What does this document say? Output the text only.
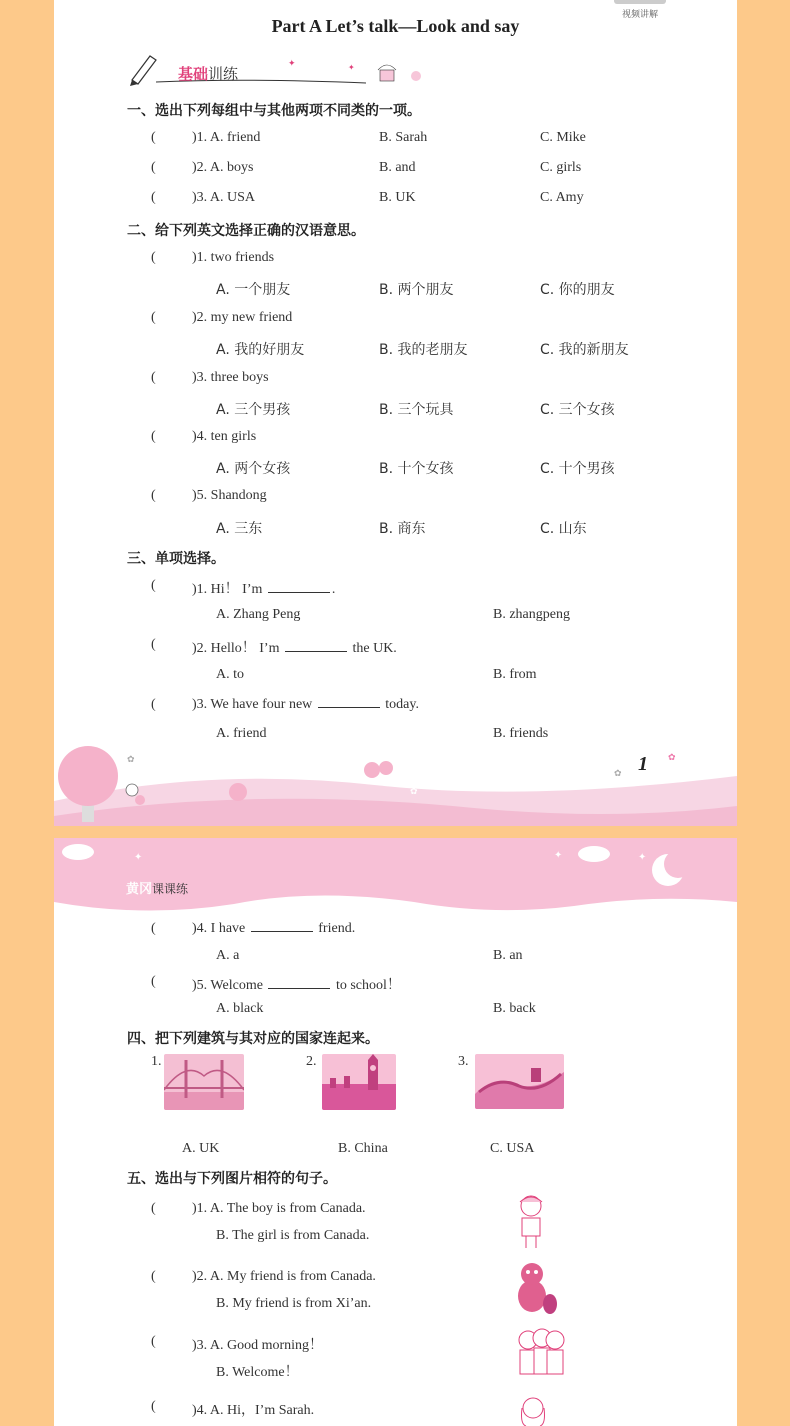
视频讲解
Part A Let’s talk—Look and say
✦	✦
基础训练
一、选出下列每组中与其他两项不同类的一项。
(	)1. A. friend	B. Sarah	C. Mike
(	)2. A. boys	B. and	C. girls
(	)3. A. USA	B. UK	C. Amy
二、给下列英文选择正确的汉语意思。
(	)1. two friends
A. 一个朋友	B. 两个朋友	C. 你的朋友
(	)2. my new friend
A. 我的好朋友	B. 我的老朋友	C. 我的新朋友
(	)3. three boys
A. 三个男孩	B. 三个玩具	C. 三个女孩
(	)4. ten girls
A. 两个女孩	B. 十个女孩	C. 十个男孩
(	)5. Shandong
A. 三东	B. 商东	C. 山东
三、单项选择。
(	)1. Hi！ I’m	.
A. Zhang Peng	B. zhangpeng
(	)2. Hello！ I’m	the UK.
A. to	B. from
(	)3. We have four new	today.
A. friend	B. friends
✿
✿
✿
✿
1
✦	✦	✦
黄冈课课练
(	)4. I have	friend.
A. a	B. an
(	)5. Welcome	to school！
A. black	B. back
四、把下列建筑与其对应的国家连起来。
1.	2.	3.
A. UK	B. China	C. USA
五、选出与下列图片相符的句子。
(	)1. A. The boy is from Canada.
B. The girl is from Canada.
(	)2. A. My friend is from Canada.
B. My friend is from Xi’an.
(	)3. A. Good morning！
B. Welcome！
(	)4. A. Hi，I’m Sarah.
